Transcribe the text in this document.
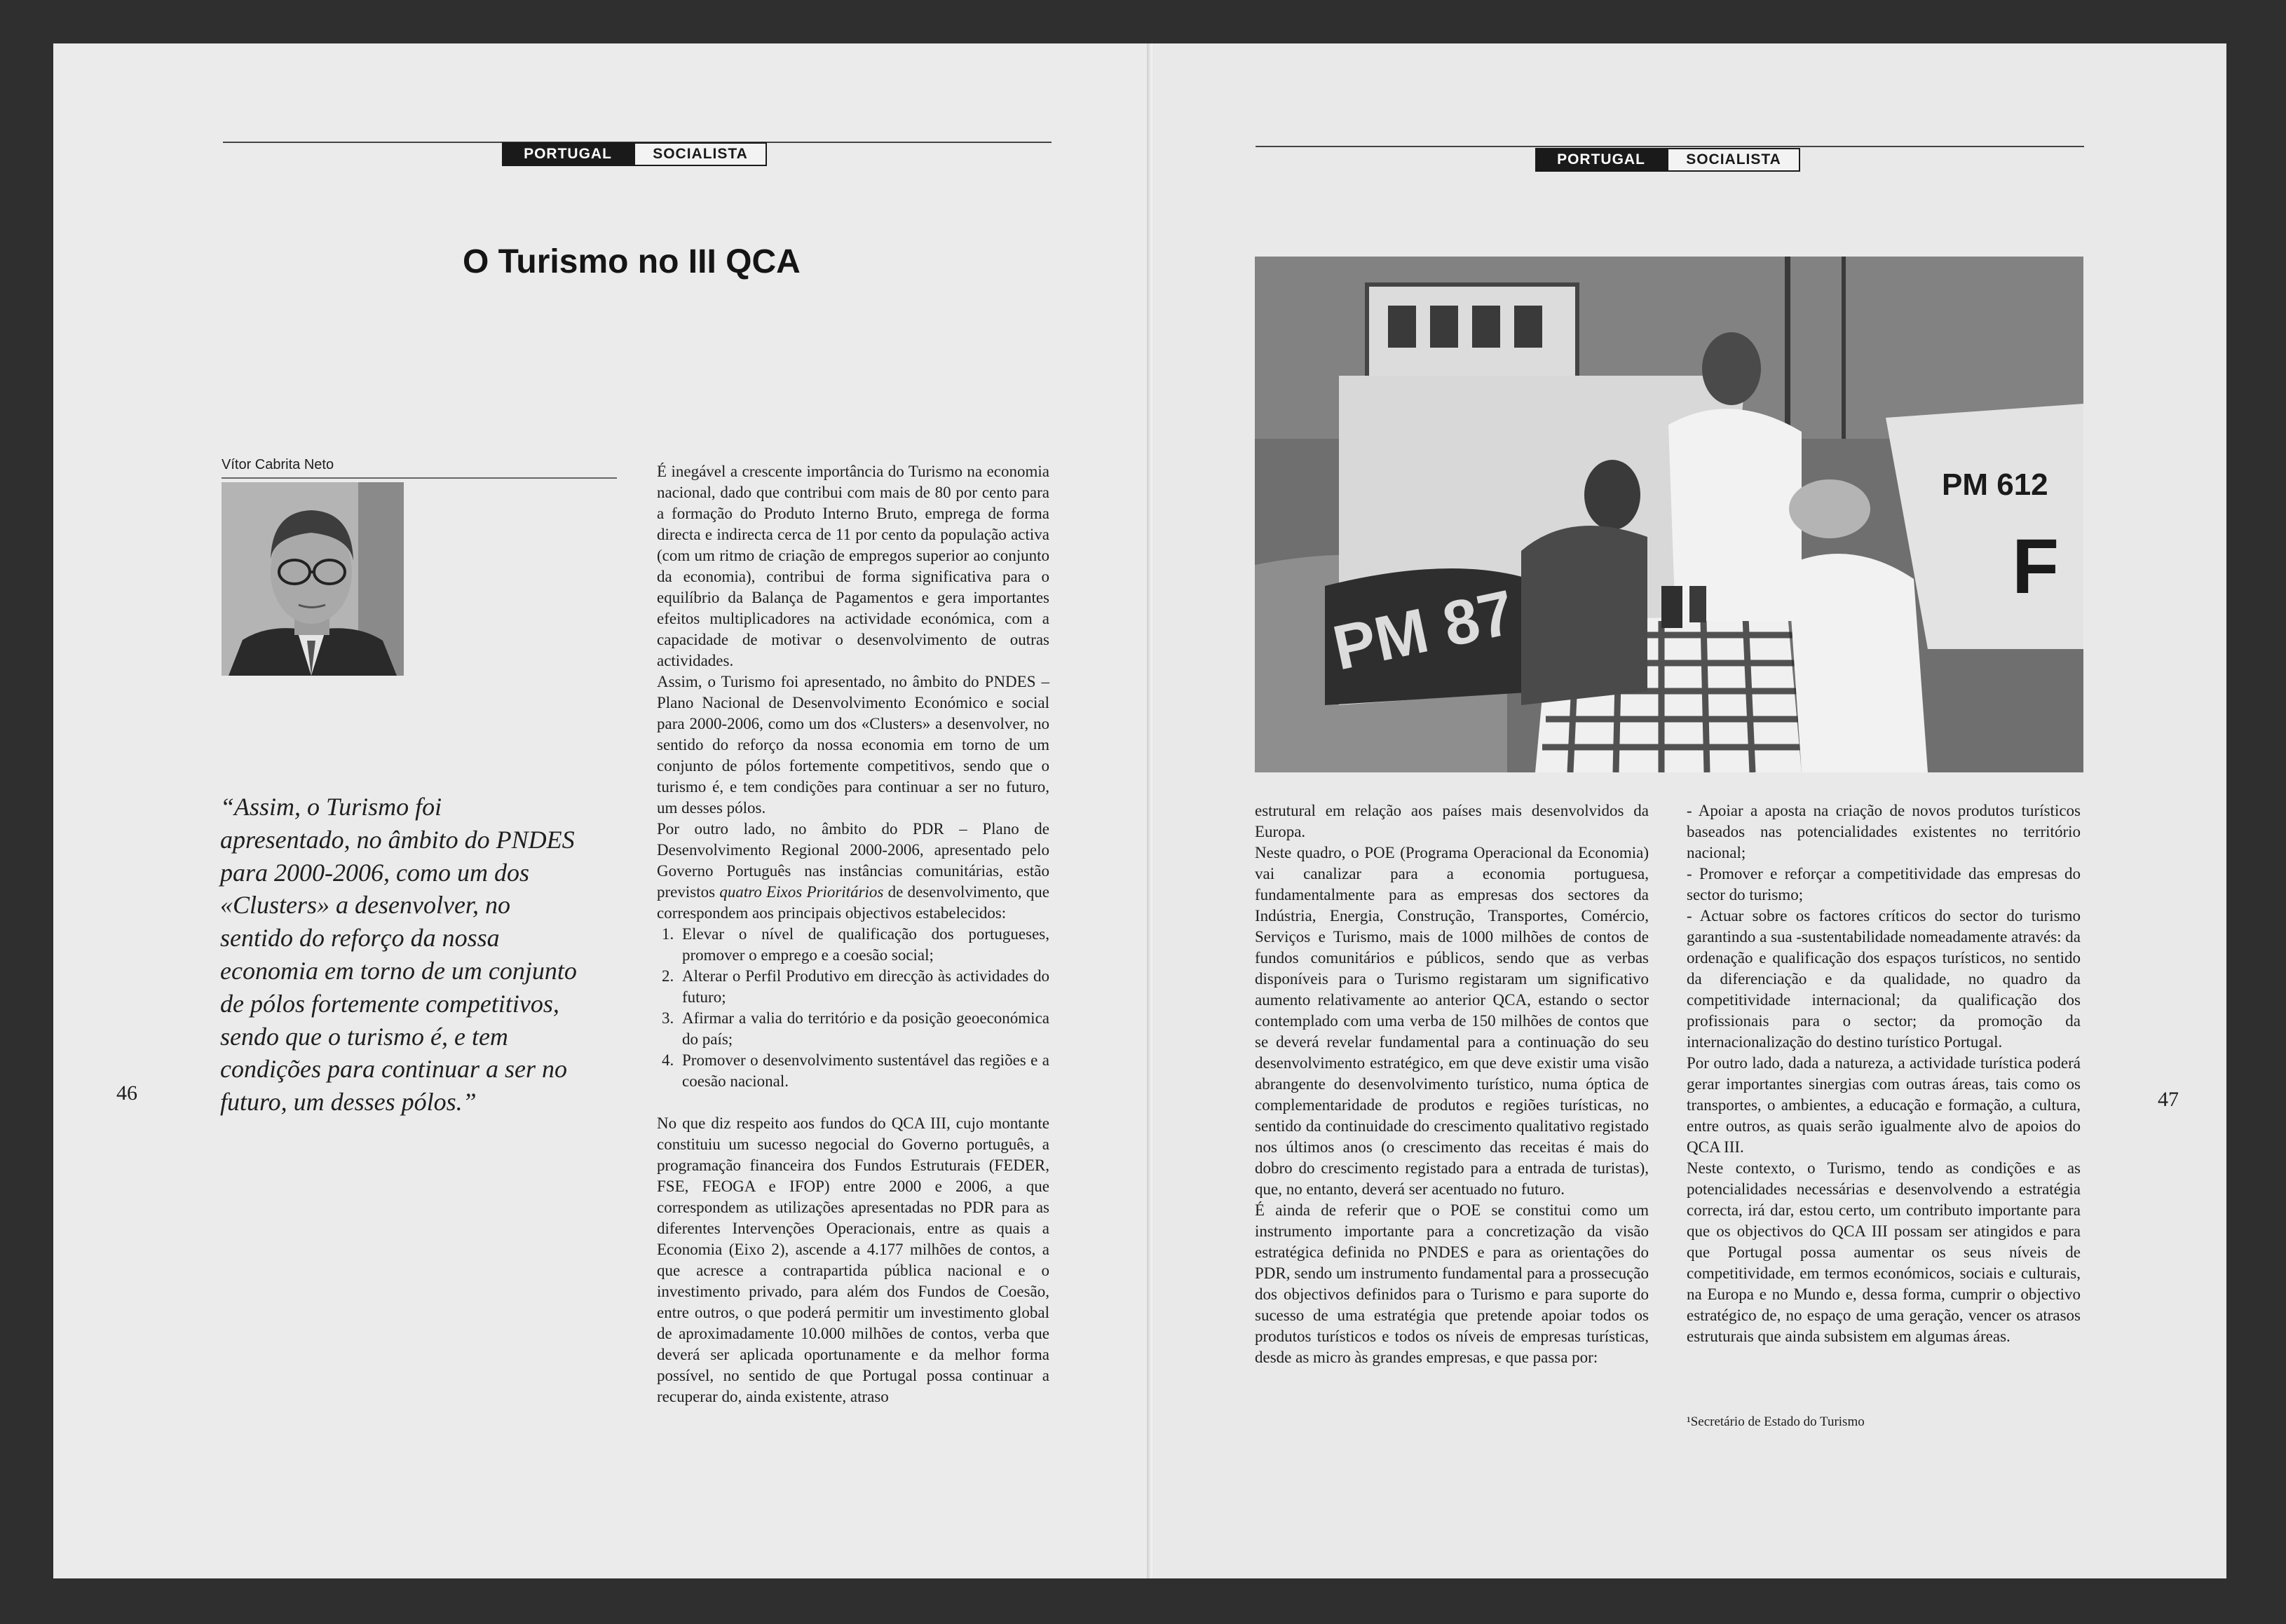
PORTUGAL	SOCIALISTA
O Turismo no III QCA
Vítor Cabrita Neto
“Assim, o Turismo foi apresentado, no âmbito do PNDES para 2000-2006, como um dos «Clusters» a desenvolver, no sentido do reforço da nossa economia em torno de um conjunto de pólos fortemente competitivos, sendo que o turismo é, e tem condições para continuar a ser no futuro, um desses pólos.”

É inegável a crescente importância do Turismo na economia nacional, dado que contribui com mais de 80 por cento para a formação do Produto Interno Bruto, emprega de forma directa e indirecta cerca de 11 por cento da população activa (com um ritmo de criação de empregos superior ao conjunto da economia), contribui de forma significativa para o equilíbrio da Balança de Pagamentos e gera importantes efeitos multiplicadores na actividade económica, com a capacidade de motivar o desenvolvimento de outras actividades.

Assim, o Turismo foi apresentado, no âmbito do PNDES – Plano Nacional de Desenvolvimento Económico e social para 2000-2006, como um dos «Clusters» a desenvolver, no sentido do reforço da nossa economia em torno de um conjunto de pólos fortemente competitivos, sendo que o turismo é, e tem condições para continuar a ser no futuro, um desses pólos.

Por outro lado, no âmbito do PDR – Plano de Desenvolvimento Regional 2000-2006, apresentado pelo Governo Português nas instâncias comunitárias, estão previstos quatro Eixos Prioritários de desenvolvimento, que correspondem aos principais objectivos estabelecidos:

1. Elevar o nível de qualificação dos portugueses, promover o emprego e a coesão social;
2. Alterar o Perfil Produtivo em direcção às actividades do futuro;
3. Afirmar a valia do território e da posição geoeconómica do país;
4. Promover o desenvolvimento sustentável das regiões e a coesão nacional.

No que diz respeito aos fundos do QCA III, cujo montante constituiu um sucesso negocial do Governo português, a programação financeira dos Fundos Estruturais (FEDER, FSE, FEOGA e IFOP) entre 2000 e 2006, a que correspondem as utilizações apresentadas no PDR para as diferentes Intervenções Operacionais, entre as quais a Economia (Eixo 2), ascende a 4.177 milhões de contos, a que acresce a contrapartida pública nacional e o investimento privado, para além dos Fundos de Coesão, entre outros, o que poderá permitir um investimento global de aproximadamente 10.000 milhões de contos, verba que deverá ser aplicada oportunamente e da melhor forma possível, no sentido de que Portugal possa continuar a recuperar do, ainda existente, atraso

46
PORTUGAL	SOCIALISTA
PM 612
F
PM 87

estrutural em relação aos países mais desenvolvidos da Europa.

Neste quadro, o POE (Programa Operacional da Economia) vai canalizar para a economia portuguesa, fundamentalmente para as empresas dos sectores da Indústria, Energia, Construção, Transportes, Comércio, Serviços e Turismo, mais de 1000 milhões de contos de fundos comunitários e públicos, sendo que as verbas disponíveis para o Turismo registaram um significativo aumento relativamente ao anterior QCA, estando o sector contemplado com uma verba de 150 milhões de contos que se deverá revelar fundamental para a continuação do seu desenvolvimento estratégico, em que deve existir uma visão abrangente do desenvolvimento turístico, numa óptica de complementaridade de produtos e regiões turísticas, no sentido da continuidade do crescimento qualitativo registado nos últimos anos (o crescimento das receitas é mais do dobro do crescimento registado para a entrada de turistas), que, no entanto, deverá ser acentuado no futuro.

É ainda de referir que o POE se constitui como um instrumento importante para a concretização da visão estratégica definida no PNDES e para as orientações do PDR, sendo um instrumento fundamental para a prossecução dos objectivos definidos para o Turismo e para suporte do sucesso de uma estratégia que pretende apoiar todos os produtos turísticos e todos os níveis de empresas turísticas, desde as micro às grandes empresas, e que passa por:

- Apoiar a aposta na criação de novos produtos turísticos baseados nas potencialidades existentes no território nacional;
- Promover e reforçar a competitividade das empresas do sector do turismo;
- Actuar sobre os factores críticos do sector do turismo garantindo a sua -sustentabilidade nomeadamente através: da ordenação e qualificação dos espaços turísticos, no sentido da diferenciação e da qualidade, no quadro da competitividade internacional; da qualificação dos profissionais para o sector; da promoção da internacionalização do destino turístico Portugal.

Por outro lado, dada a natureza, a actividade turística poderá gerar importantes sinergias com outras áreas, tais como os transportes, o ambientes, a educação e formação, a cultura, entre outros, as quais serão igualmente alvo de apoios do QCA III.

Neste contexto, o Turismo, tendo as condições e as potencialidades necessárias e desenvolvendo a estratégia correcta, irá dar, estou certo, um contributo importante para que os objectivos do QCA III possam ser atingidos e para que Portugal possa aumentar os seus níveis de competitividade, em termos económicos, sociais e culturais, na Europa e no Mundo e, dessa forma, cumprir o objectivo estratégico de, no espaço de uma geração, vencer os atrasos estruturais que ainda subsistem em algumas áreas.

¹Secretário de Estado do Turismo
47
